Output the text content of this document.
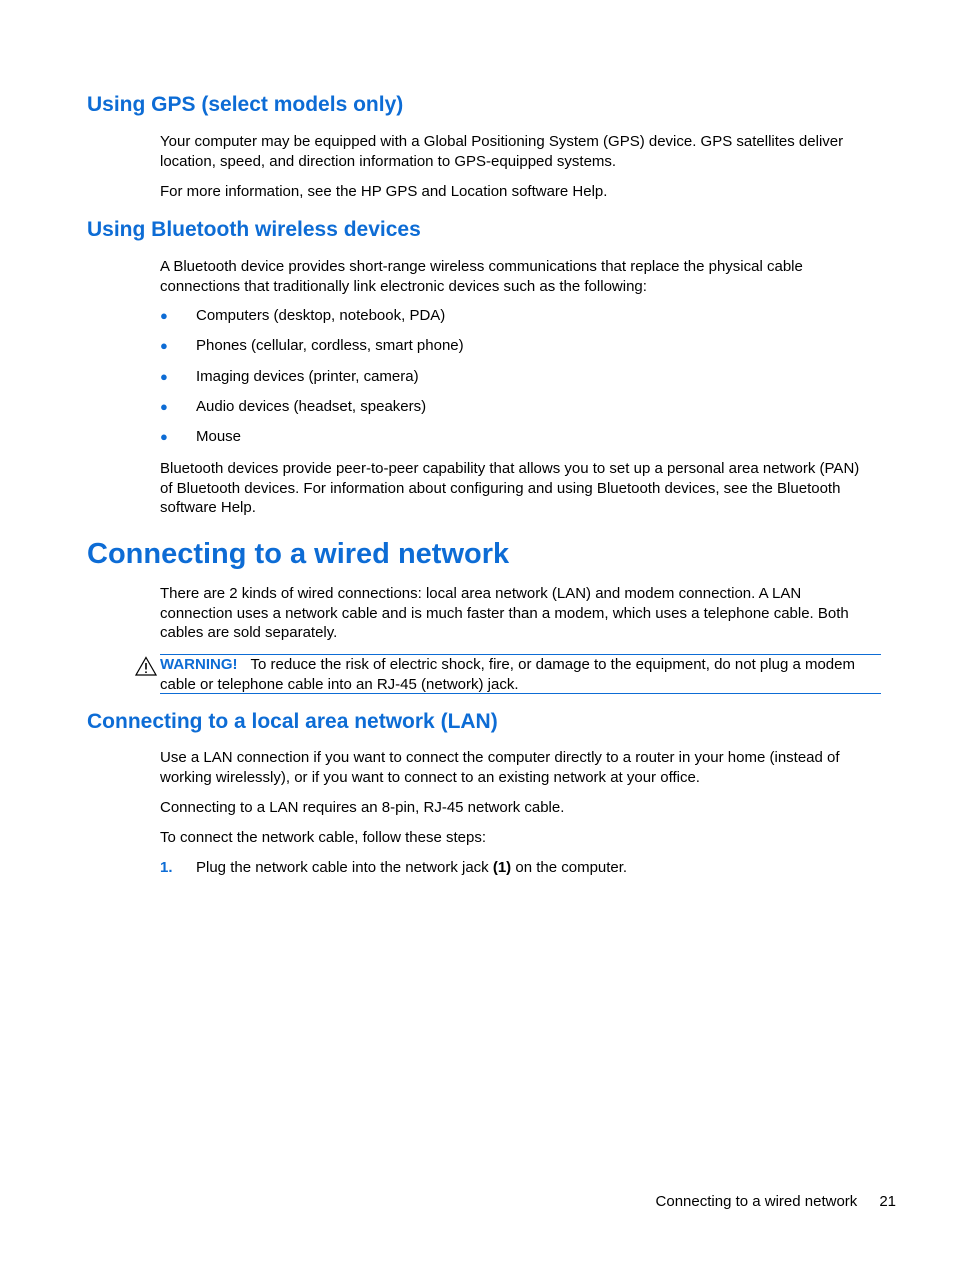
Using GPS (select models only)

Your computer may be equipped with a Global Positioning System (GPS) device. GPS satellites deliver location, speed, and direction information to GPS-equipped systems.

For more information, see the HP GPS and Location software Help.

Using Bluetooth wireless devices

A Bluetooth device provides short-range wireless communications that replace the physical cable connections that traditionally link electronic devices such as the following:

● Computers (desktop, notebook, PDA)
● Phones (cellular, cordless, smart phone)
● Imaging devices (printer, camera)
● Audio devices (headset, speakers)
● Mouse

Bluetooth devices provide peer-to-peer capability that allows you to set up a personal area network (PAN) of Bluetooth devices. For information about configuring and using Bluetooth devices, see the Bluetooth software Help.

Connecting to a wired network

There are 2 kinds of wired connections: local area network (LAN) and modem connection. A LAN connection uses a network cable and is much faster than a modem, which uses a telephone cable. Both cables are sold separately.

WARNING! To reduce the risk of electric shock, fire, or damage to the equipment, do not plug a modem cable or telephone cable into an RJ-45 (network) jack.
Connecting to a local area network (LAN)

Use a LAN connection if you want to connect the computer directly to a router in your home (instead of working wirelessly), or if you want to connect to an existing network at your office.

Connecting to a LAN requires an 8-pin, RJ-45 network cable.

To connect the network cable, follow these steps:

1. Plug the network cable into the network jack (1) on the computer.
Connecting to a wired network 21
